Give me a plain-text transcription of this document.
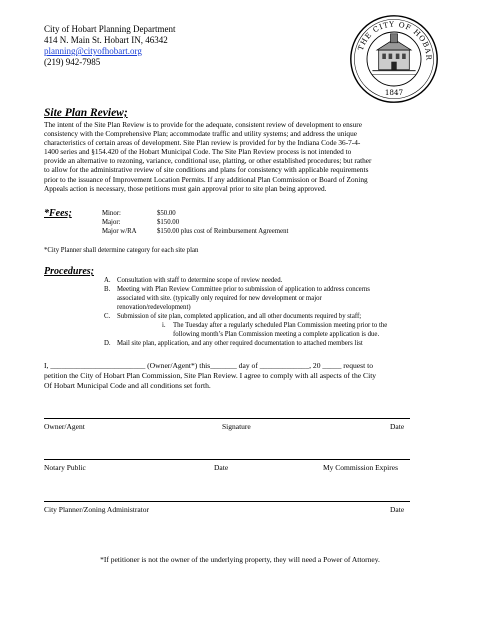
City of Hobart Planning Department
414 N. Main St. Hobart IN, 46342
planning@cityofhobart.org
(219) 942-7985
THE CITY OF HOBAR
1847
Site Plan Review;
The intent of the Site Plan Review is to provide for the adequate, consistent review of development to ensure
consistency with the Comprehensive Plan; accommodate traffic and utility systems; and address the unique
characteristics of certain areas of development. Site Plan review is provided for by the Indiana Code 36-7-4-
1400 series and §154.420 of the Hobart Municipal Code. The Site Plan Review process is not intended to
provide an alternative to rezoning, variance, conditional use, platting, or other established procedures; but rather
to allow for the administrative review of site conditions and plans for consistency with applicable requirements
prior to the issuance of Improvement Location Permits. If any additional Plan Commission or Board of Zoning
Appeals action is necessary, those petitions must gain approval prior to site plan being approved.
*Fees;	Minor:	$50.00
Major:	$150.00
Major w/RA	$150.00 plus cost of Reimbursement Agreement
*City Planner shall determine category for each site plan
Procedures;
A. Consultation with staff to determine scope of review needed.
B. Meeting with Plan Review Committee prior to submission of application to address concerns
associated with site. (typically only required for new development or major
renovation/redevelopment)
C. Submission of site plan, completed application, and all other documents required by staff;
i. The Tuesday after a regularly scheduled Plan Commission meeting prior to the
following month’s Plan Commission meeting a complete application is due.
D. Mail site plan, application, and any other required documentation to attached members list
I, _________________________ (Owner/Agent*) this_______ day of _____________, 20 _____ request to
petition the City of Hobart Plan Commission, Site Plan Review. I agree to comply with all aspects of the City
Of Hobart Municipal Code and all conditions set forth.
Owner/Agent	Signature	Date
Notary Public	Date	My Commission Expires
City Planner/Zoning Administrator	Date
*If petitioner is not the owner of the underlying property, they will need a Power of Attorney.
